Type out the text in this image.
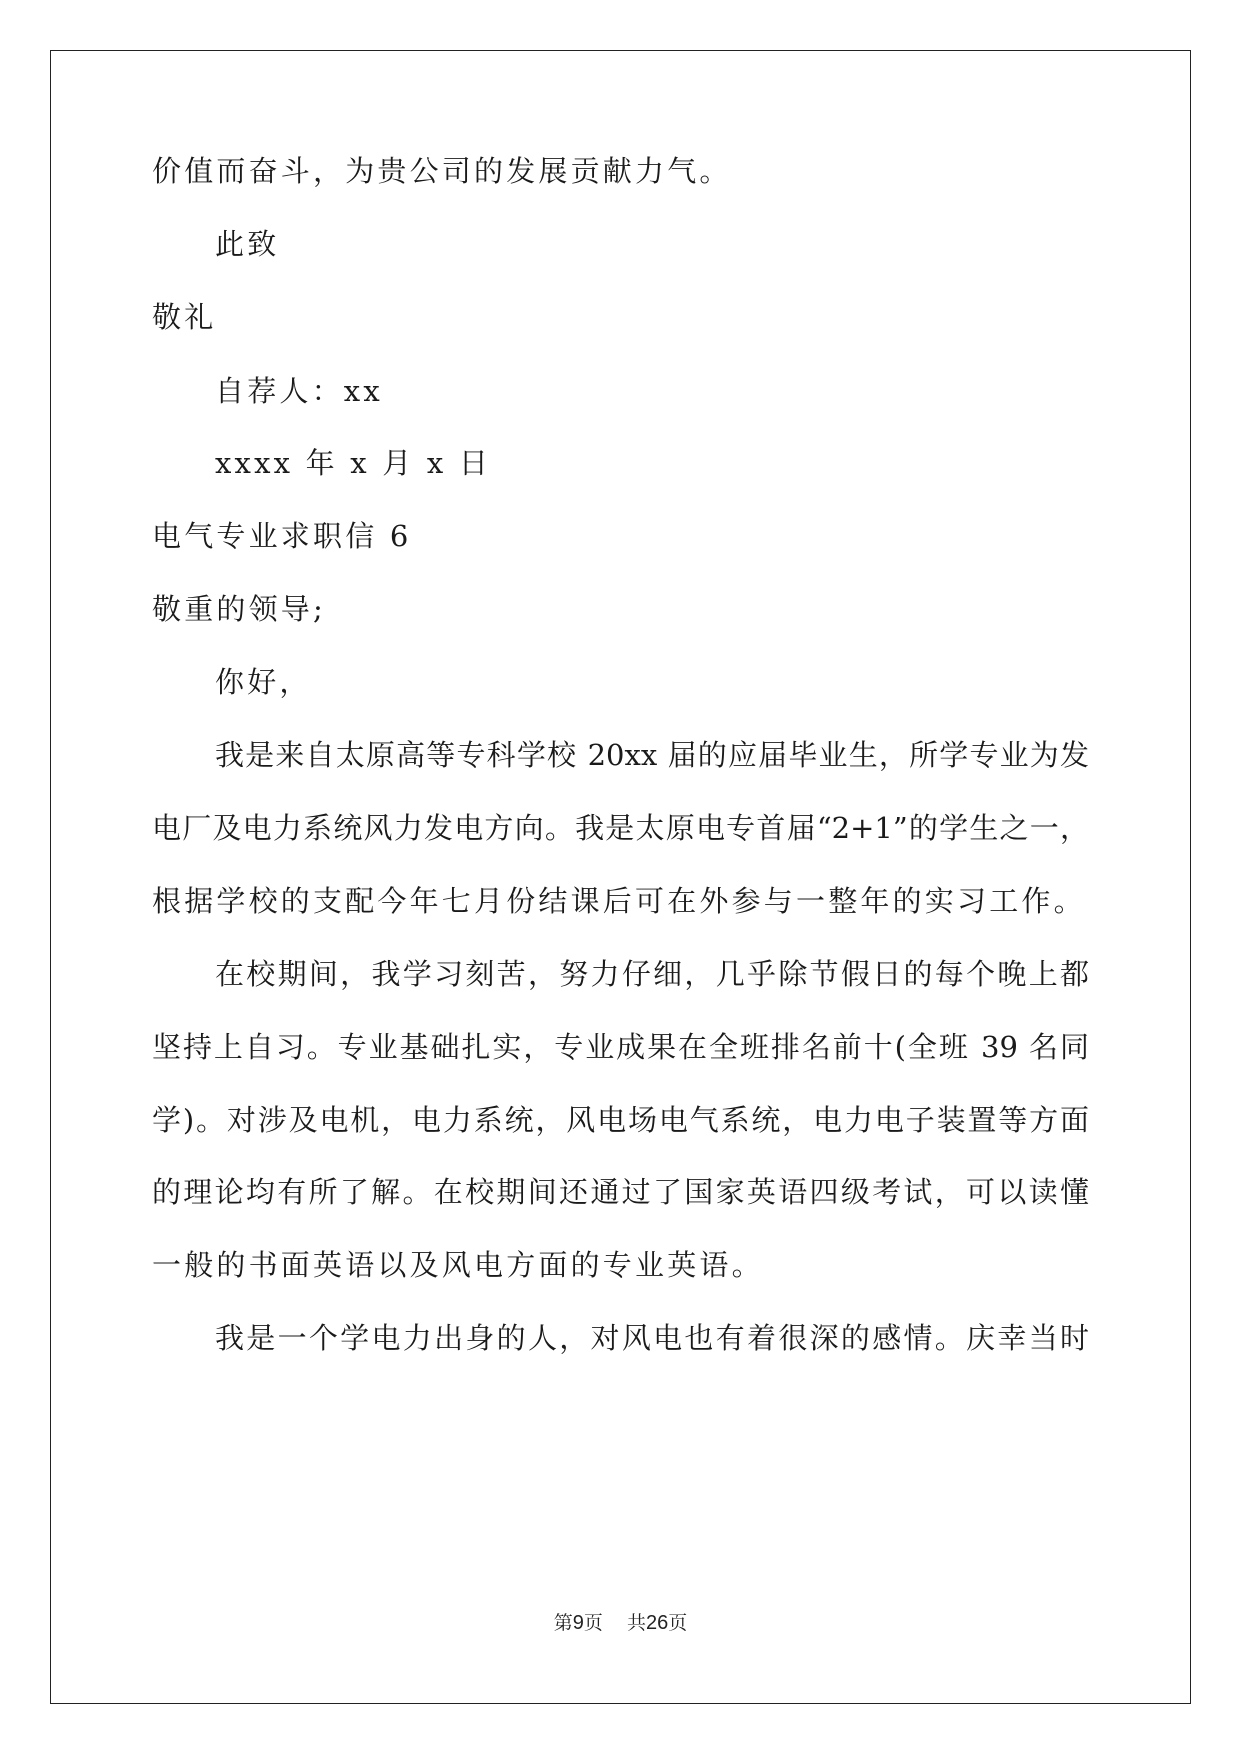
价值而奋斗，为贵公司的发展贡献力气。
此致
敬礼
自荐人：xx
xxxx 年 x 月 x 日
电气专业求职信 6
敬重的领导;
你好，
我是来自太原高等专科学校 20xx 届的应届毕业生，所学专业为发
电厂及电力系统风力发电方向。我是太原电专首届“2+1”的学生之一，
根据学校的支配今年七月份结课后可在外参与一整年的实习工作。
在校期间，我学习刻苦，努力仔细，几乎除节假日的每个晚上都
坚持上自习。专业基础扎实，专业成果在全班排名前十(全班 39 名同
学)。对涉及电机，电力系统，风电场电气系统，电力电子装置等方面
的理论均有所了解。在校期间还通过了国家英语四级考试，可以读懂
一般的书面英语以及风电方面的专业英语。
我是一个学电力出身的人，对风电也有着很深的感情。庆幸当时
第9页 共26页
